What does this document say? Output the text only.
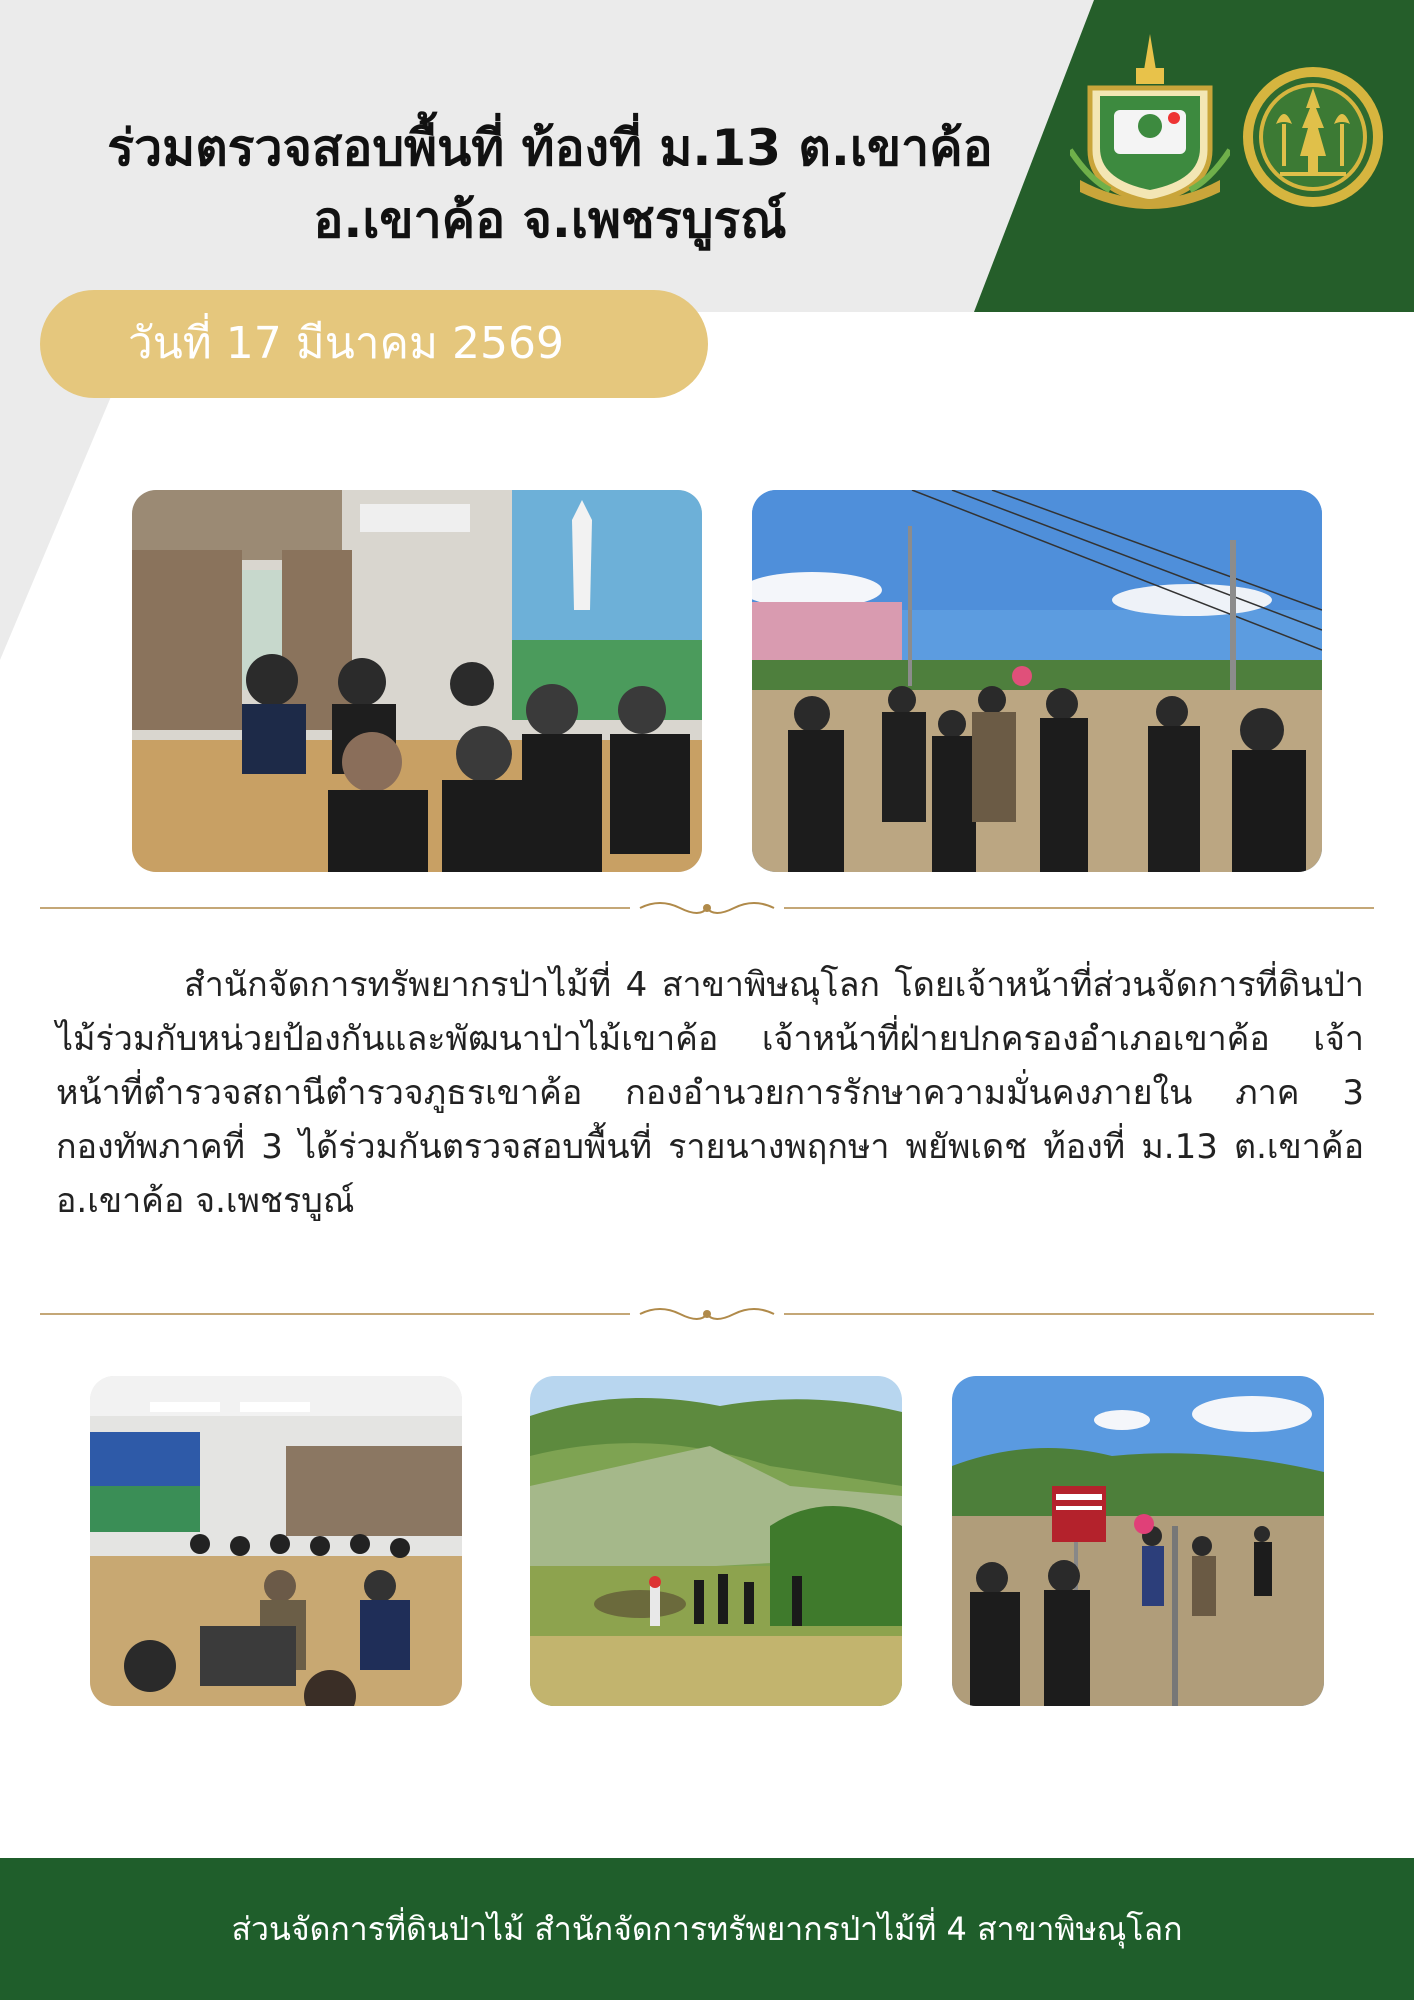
ร่วมตรวจสอบพื้นที่ ท้องที่ ม.13 ต.เขาค้อ
อ.เขาค้อ จ.เพชรบูรณ์
วันที่ 17 มีนาคม 2569
สำนักจัดการทรัพยากรป่าไม้ที่ 4 สาขาพิษณุโลก โดยเจ้าหน้าที่ส่วนจัดการที่ดินป่าไม้ร่วมกับหน่วยป้องกันและพัฒนาป่าไม้เขาค้อ เจ้าหน้าที่ฝ่ายปกครองอำเภอเขาค้อ เจ้าหน้าที่ตำรวจสถานีตำรวจภูธรเขาค้อ กองอำนวยการรักษาความมั่นคงภายใน ภาค 3 กองทัพภาคที่ 3 ได้ร่วมกันตรวจสอบพื้นที่ รายนางพฤกษา พยัพเดช ท้องที่ ม.13 ต.เขาค้อ อ.เขาค้อ จ.เพชรบูณ์
ส่วนจัดการที่ดินป่าไม้ สำนักจัดการทรัพยากรป่าไม้ที่ 4 สาขาพิษณุโลก
